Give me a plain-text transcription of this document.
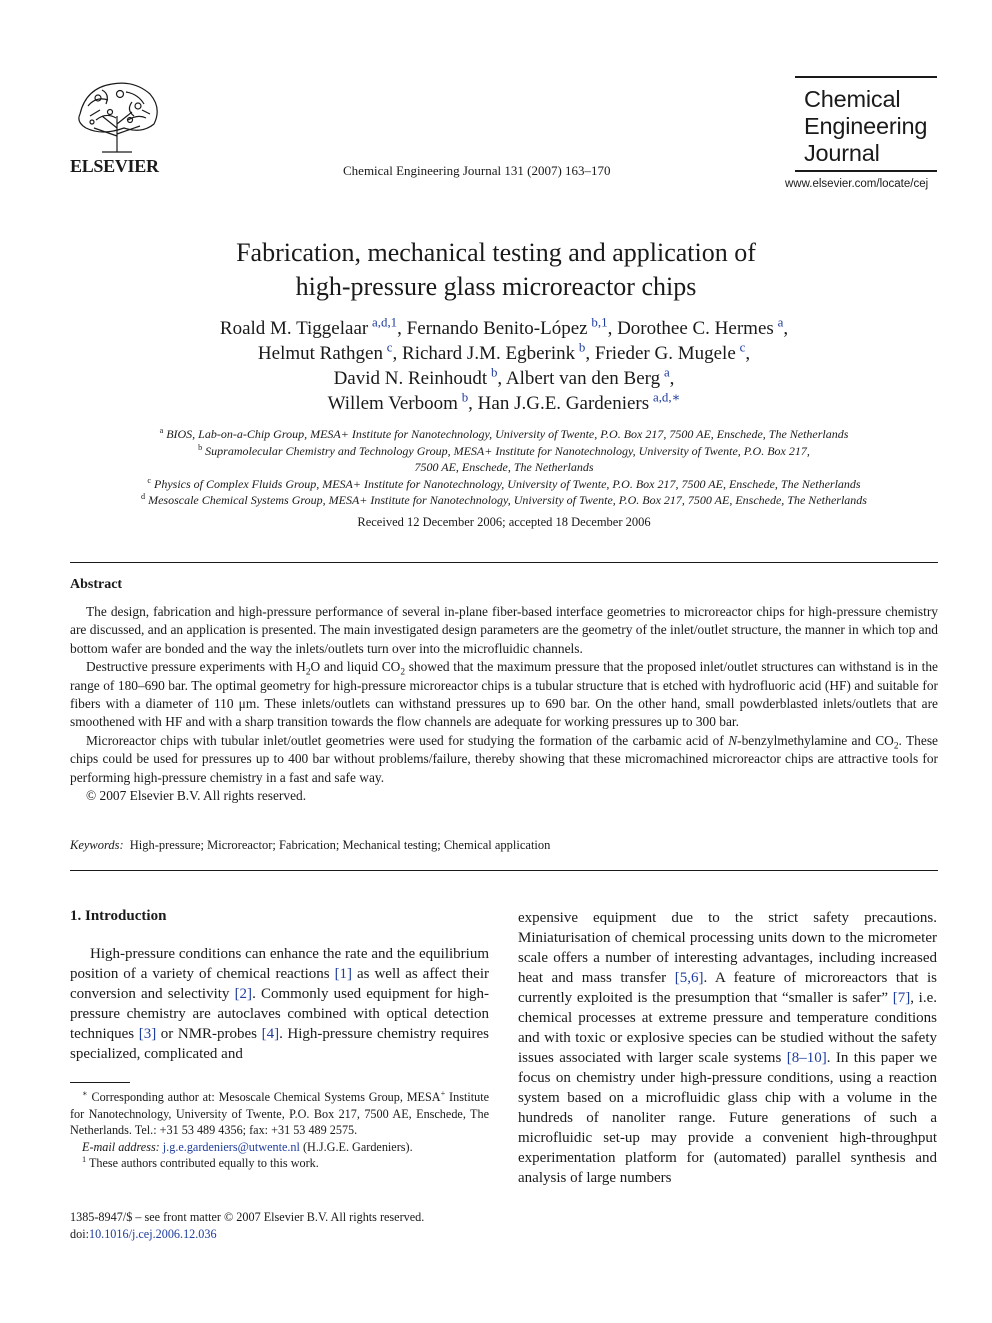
ELSEVIER	Chemical Engineering Journal 131 (2007) 163–170
Chemical
Engineering
Journal
www.elsevier.com/locate/cej
Fabrication, mechanical testing and application of
high-pressure glass microreactor chips
Roald M. Tiggelaar  $^{a,d,1}$, Fernando Benito-López  $^{b,1}$, Dorothee C. Hermes  $^a$,
Helmut Rathgen  $^c$, Richard J.M. Egberink  $^b$, Frieder G. Mugele  $^c$,
David N. Reinhoudt  $^b$, Albert van den Berg  $^a$,
Willem Verboom  $^b$, Han J.G.E. Gardeniers  $^{a,d,∗}$
$^a$ BIOS, Lab-on-a-Chip Group, MESA+ Institute for Nanotechnology, University of Twente, P.O. Box 217, 7500 AE, Enschede, The Netherlands
$^b$ Supramolecular Chemistry and Technology Group, MESA+ Institute for Nanotechnology, University of Twente, P.O. Box 217,
7500 AE, Enschede, The Netherlands
$^c$ Physics of Complex Fluids Group, MESA+ Institute for Nanotechnology, University of Twente, P.O. Box 217, 7500 AE, Enschede, The Netherlands
$^d$ Mesoscale Chemical Systems Group, MESA+ Institute for Nanotechnology, University of Twente, P.O. Box 217, 7500 AE, Enschede, The Netherlands
Received 12 December 2006; accepted 18 December 2006
Abstract

The design, fabrication and high-pressure performance of several in-plane fiber-based interface geometries to microreactor chips for high-pressure chemistry are discussed, and an application is presented. The main investigated design parameters are the geometry of the inlet/outlet structure, the manner in which top and bottom wafer are bonded and the way the inlets/outlets turn over into the microfluidic channels.

Destructive pressure experiments with $H_2O$ and liquid $CO_2$ showed that the maximum pressure that the proposed inlet/outlet structures can withstand is in the range of 180–690 bar. The optimal geometry for high-pressure microreactor chips is a tubular structure that is etched with hydrofluoric acid (HF) and suitable for fibers with a diameter of 110 μm. These inlets/outlets can withstand pressures up to 690 bar. On the other hand, small powderblasted inlets/outlets that are smoothened with HF and with a sharp transition towards the flow channels are adequate for working pressures up to 300 bar.

Microreactor chips with tubular inlet/outlet geometries were used for studying the formation of the carbamic acid of N-benzylmethylamine and $CO_2$. These chips could be used for pressures up to 400 bar without problems/failure, thereby showing that these micromachined microreactor chips are attractive tools for performing high-pressure chemistry in a fast and safe way.

© 2007 Elsevier B.V. All rights reserved.

Keywords: High-pressure; Microreactor; Fabrication; Mechanical testing; Chemical application
1. Introduction

High-pressure conditions can enhance the rate and the equilibrium position of a variety of chemical reactions [1] as well as affect their conversion and selectivity [2]. Commonly used equipment for high-pressure chemistry are autoclaves combined with optical detection techniques [3] or NMR-probes [4]. High-pressure chemistry requires specialized, complicated and

∗ Corresponding author at: Mesoscale Chemical Systems Group, MESA+ Institute for Nanotechnology, University of Twente, P.O. Box 217, 7500 AE, Enschede, The Netherlands. Tel.: +31 53 489 4356; fax: +31 53 489 2575.

E-mail address: j.g.e.gardeniers@utwente.nl (H.J.G.E. Gardeniers).

$^1$ These authors contributed equally to this work.

expensive equipment due to the strict safety precautions. Miniaturisation of chemical processing units down to the micrometer scale offers a number of interesting advantages, including increased heat and mass transfer [5,6]. A feature of microreactors that is currently exploited is the presumption that “smaller is safer” [7], i.e. chemical processes at extreme pressure and temperature conditions and with toxic or explosive species can be studied without the safety issues associated with larger scale systems [8–10]. In this paper we focus on chemistry under high-pressure conditions, using a reaction system based on a microfluidic glass chip with a volume in the hundreds of nanoliter range. Future generations of such a microfluidic set-up may provide a convenient high-throughput experimentation platform for (automated) parallel synthesis and analysis of large numbers

1385-8947/$ – see front matter © 2007 Elsevier B.V. All rights reserved.
doi:10.1016/j.cej.2006.12.036
